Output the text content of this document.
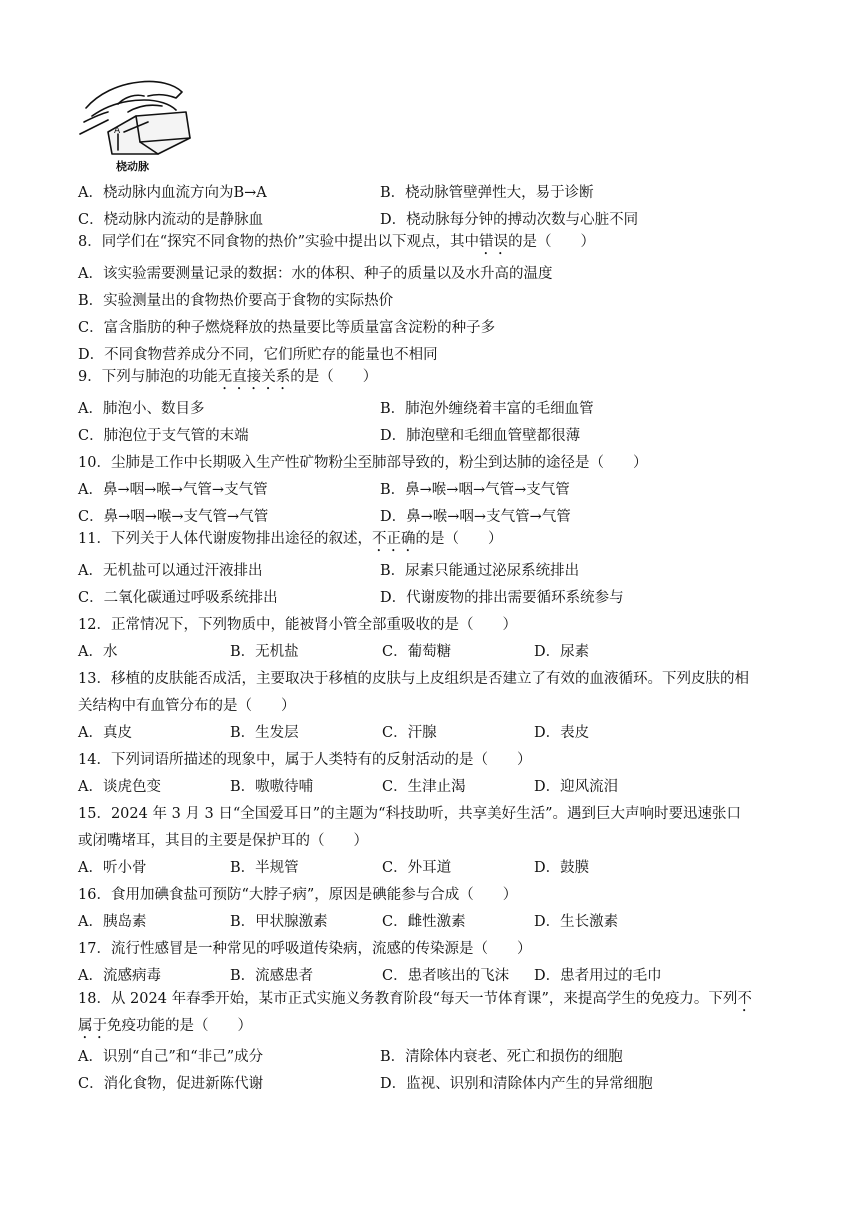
桡动脉
A
A．桡动脉内血流方向为B→A	B．桡动脉管壁弹性大，易于诊断
C．桡动脉内流动的是静脉血	D．桡动脉每分钟的搏动次数与心脏不同
8．同学们在“探究不同食物的热价”实验中提出以下观点，其中错误的是（　　）
A．该实验需要测量记录的数据：水的体积、种子的质量以及水升高的温度
B．实验测量出的食物热价要高于食物的实际热价
C．富含脂肪的种子燃烧释放的热量要比等质量富含淀粉的种子多
D．不同食物营养成分不同，它们所贮存的能量也不相同
9．下列与肺泡的功能无直接关系的是（　　）
A．肺泡小、数目多	B．肺泡外缠绕着丰富的毛细血管
C．肺泡位于支气管的末端	D．肺泡壁和毛细血管壁都很薄
10．尘肺是工作中长期吸入生产性矿物粉尘至肺部导致的，粉尘到达肺的途径是（　　）
A．鼻→咽→喉→气管→支气管	B．鼻→喉→咽→气管→支气管
C．鼻→咽→喉→支气管→气管	D．鼻→喉→咽→支气管→气管
11．下列关于人体代谢废物排出途径的叙述，不正确的是（　　）
A．无机盐可以通过汗液排出	B．尿素只能通过泌尿系统排出
C．二氧化碳通过呼吸系统排出	D．代谢废物的排出需要循环系统参与
12．正常情况下，下列物质中，能被肾小管全部重吸收的是（　　）
A．水	B．无机盐	C．葡萄糖	D．尿素
13．移植的皮肤能否成活，主要取决于移植的皮肤与上皮组织是否建立了有效的血液循环。下列皮肤的相
关结构中有血管分布的是（　　）
A．真皮	B．生发层	C．汗腺	D．表皮
14．下列词语所描述的现象中，属于人类特有的反射活动的是（　　）
A．谈虎色变	B．嗷嗷待哺	C．生津止渴	D．迎风流泪
15．2024 年 3 月 3 日“全国爱耳日”的主题为“科技助听，共享美好生活”。遇到巨大声响时要迅速张口
或闭嘴堵耳，其目的主要是保护耳的（　　）
A．听小骨	B．半规管	C．外耳道	D．鼓膜
16．食用加碘食盐可预防“大脖子病”，原因是碘能参与合成（　　）
A．胰岛素	B．甲状腺激素	C．雌性激素	D．生长激素
17．流行性感冒是一种常见的呼吸道传染病，流感的传染源是（　　）
A．流感病毒	B．流感患者	C．患者咳出的飞沫 D．患者用过的毛巾
18．从 2024 年春季开始，某市正式实施义务教育阶段“每天一节体育课”，来提高学生的免疫力。下列不
属于免疫功能的是（　　）
A．识别“自己”和“非己”成分	B．清除体内衰老、死亡和损伤的细胞
C．消化食物，促进新陈代谢	D．监视、识别和清除体内产生的异常细胞
